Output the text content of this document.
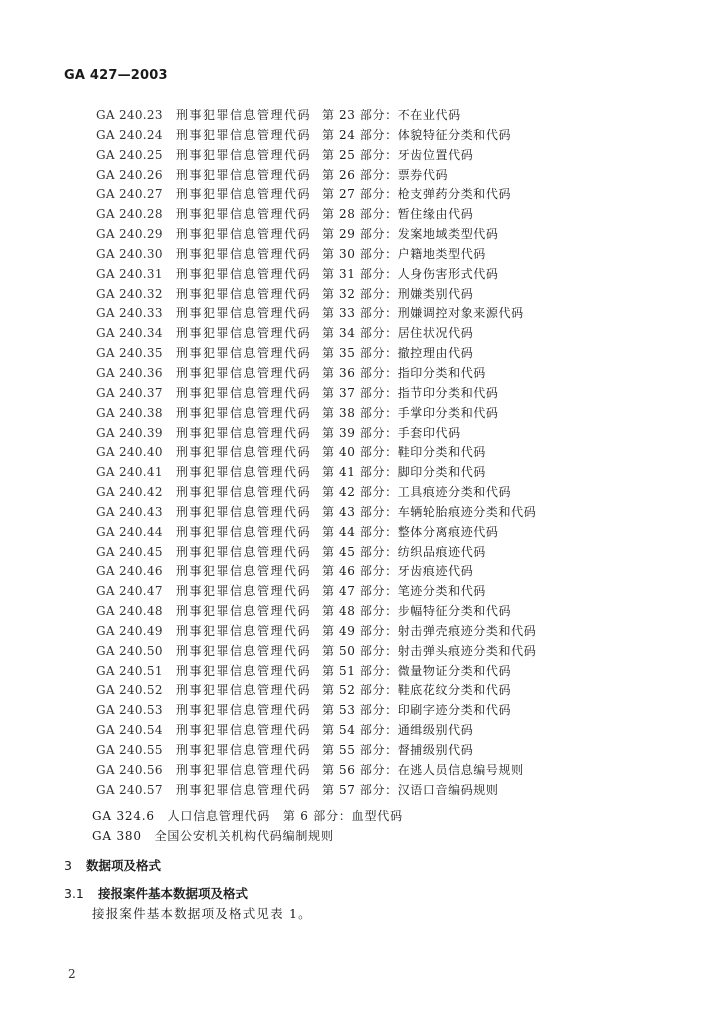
GA 427—2003
GA 240.23	刑事犯罪信息管理代码 第 23 部分：不在业代码
GA 240.24	刑事犯罪信息管理代码 第 24 部分：体貌特征分类和代码
GA 240.25	刑事犯罪信息管理代码 第 25 部分：牙齿位置代码
GA 240.26	刑事犯罪信息管理代码 第 26 部分：票券代码
GA 240.27	刑事犯罪信息管理代码 第 27 部分：枪支弹药分类和代码
GA 240.28	刑事犯罪信息管理代码 第 28 部分：暂住缘由代码
GA 240.29	刑事犯罪信息管理代码 第 29 部分：发案地域类型代码
GA 240.30	刑事犯罪信息管理代码 第 30 部分：户籍地类型代码
GA 240.31	刑事犯罪信息管理代码 第 31 部分：人身伤害形式代码
GA 240.32	刑事犯罪信息管理代码 第 32 部分：刑嫌类别代码
GA 240.33	刑事犯罪信息管理代码 第 33 部分：刑嫌调控对象来源代码
GA 240.34	刑事犯罪信息管理代码 第 34 部分：居住状况代码
GA 240.35	刑事犯罪信息管理代码 第 35 部分：撤控理由代码
GA 240.36	刑事犯罪信息管理代码 第 36 部分：指印分类和代码
GA 240.37	刑事犯罪信息管理代码 第 37 部分：指节印分类和代码
GA 240.38	刑事犯罪信息管理代码 第 38 部分：手掌印分类和代码
GA 240.39	刑事犯罪信息管理代码 第 39 部分：手套印代码
GA 240.40	刑事犯罪信息管理代码 第 40 部分：鞋印分类和代码
GA 240.41	刑事犯罪信息管理代码 第 41 部分：脚印分类和代码
GA 240.42	刑事犯罪信息管理代码 第 42 部分：工具痕迹分类和代码
GA 240.43	刑事犯罪信息管理代码 第 43 部分：车辆轮胎痕迹分类和代码
GA 240.44	刑事犯罪信息管理代码 第 44 部分：整体分离痕迹代码
GA 240.45	刑事犯罪信息管理代码 第 45 部分：纺织品痕迹代码
GA 240.46	刑事犯罪信息管理代码 第 46 部分：牙齿痕迹代码
GA 240.47	刑事犯罪信息管理代码 第 47 部分：笔迹分类和代码
GA 240.48	刑事犯罪信息管理代码 第 48 部分：步幅特征分类和代码
GA 240.49	刑事犯罪信息管理代码 第 49 部分：射击弹壳痕迹分类和代码
GA 240.50	刑事犯罪信息管理代码 第 50 部分：射击弹头痕迹分类和代码
GA 240.51	刑事犯罪信息管理代码 第 51 部分：微量物证分类和代码
GA 240.52	刑事犯罪信息管理代码 第 52 部分：鞋底花纹分类和代码
GA 240.53	刑事犯罪信息管理代码 第 53 部分：印刷字迹分类和代码
GA 240.54	刑事犯罪信息管理代码 第 54 部分：通缉级别代码
GA 240.55	刑事犯罪信息管理代码 第 55 部分：督捕级别代码
GA 240.56	刑事犯罪信息管理代码 第 56 部分：在逃人员信息编号规则
GA 240.57	刑事犯罪信息管理代码 第 57 部分：汉语口音编码规则
GA 324.6　人口信息管理代码　第 6 部分：血型代码
GA 380　全国公安机关机构代码编制规则
3 数据项及格式
3.1 接报案件基本数据项及格式
接报案件基本数据项及格式见表 1。
2
